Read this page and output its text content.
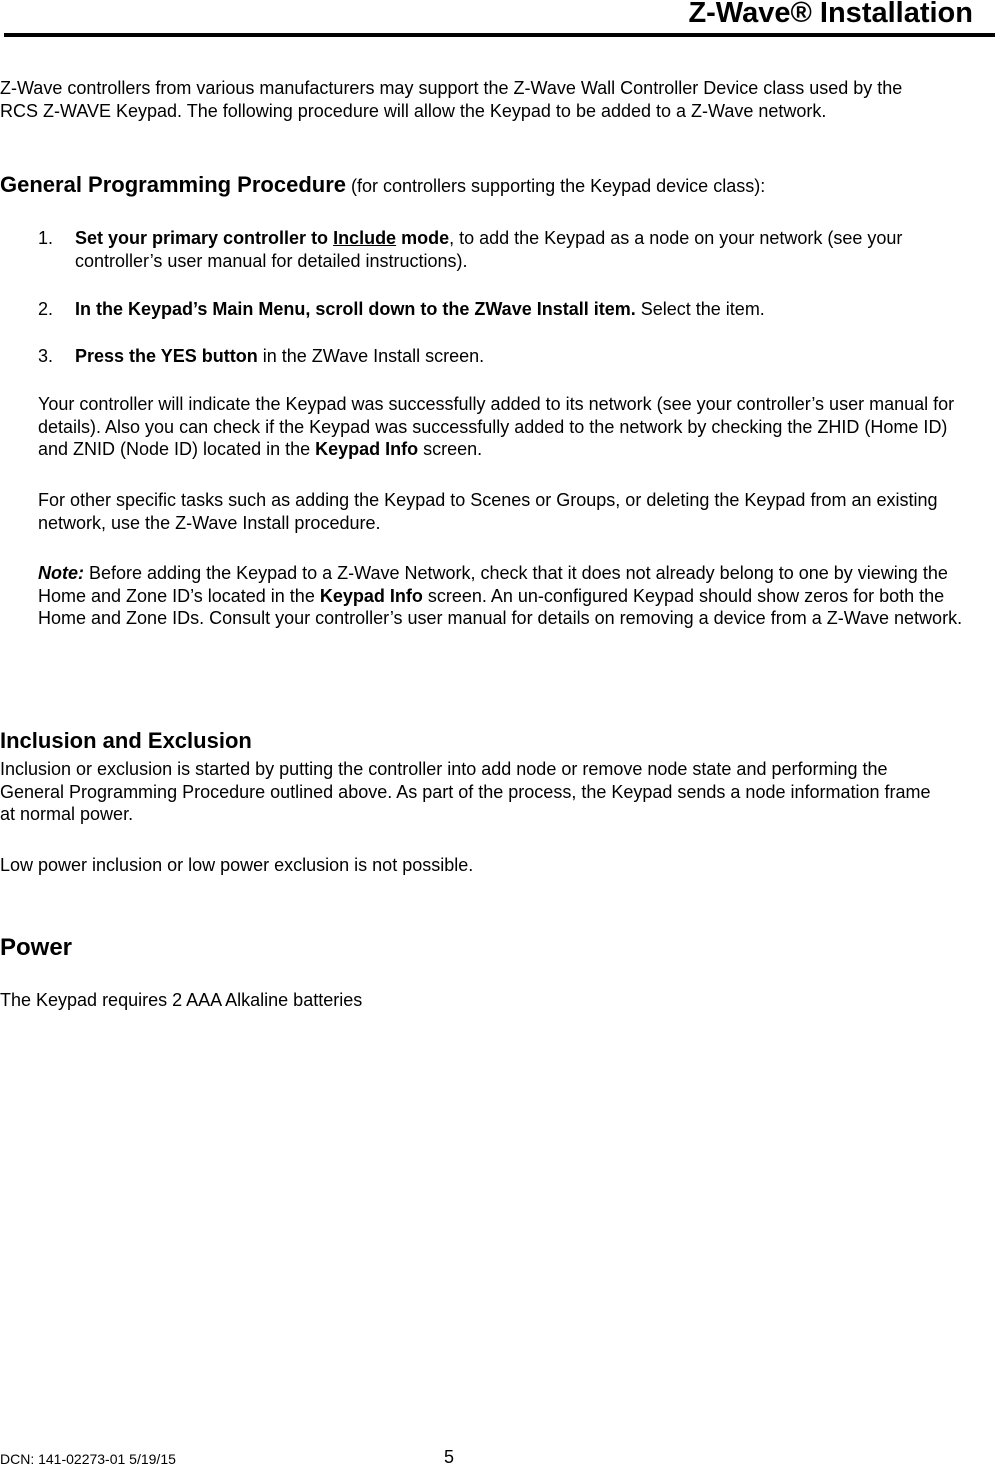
Z-Wave® Installation
Z-Wave controllers from various manufacturers may support the Z-Wave Wall Controller Device class used by the RCS Z-WAVE Keypad. The following procedure will allow the Keypad to be added to a Z-Wave network.
General Programming Procedure (for controllers supporting the Keypad device class):
1. Set your primary controller to Include mode, to add the Keypad as a node on your network (see your controller’s user manual for detailed instructions).
2. In the Keypad’s Main Menu, scroll down to the ZWave Install item. Select the item.
3. Press the YES button in the ZWave Install screen.
Your controller will indicate the Keypad was successfully added to its network (see your controller’s user manual for details). Also you can check if the Keypad was successfully added to the network by checking the ZHID (Home ID) and ZNID (Node ID) located in the Keypad Info screen.
For other specific tasks such as adding the Keypad to Scenes or Groups, or deleting the Keypad from an existing network, use the Z-Wave Install procedure.
Note: Before adding the Keypad to a Z-Wave Network, check that it does not already belong to one by viewing the Home and Zone ID’s located in the Keypad Info screen. An un-configured Keypad should show zeros for both the Home and Zone IDs. Consult your controller’s user manual for details on removing a device from a Z-Wave network.
Inclusion and Exclusion
Inclusion or exclusion is started by putting the controller into add node or remove node state and performing the General Programming Procedure outlined above. As part of the process, the Keypad sends a node information frame at normal power.
Low power inclusion or low power exclusion is not possible.
Power
The Keypad requires 2 AAA Alkaline batteries
DCN: 141-02273-01 5/19/15	5
